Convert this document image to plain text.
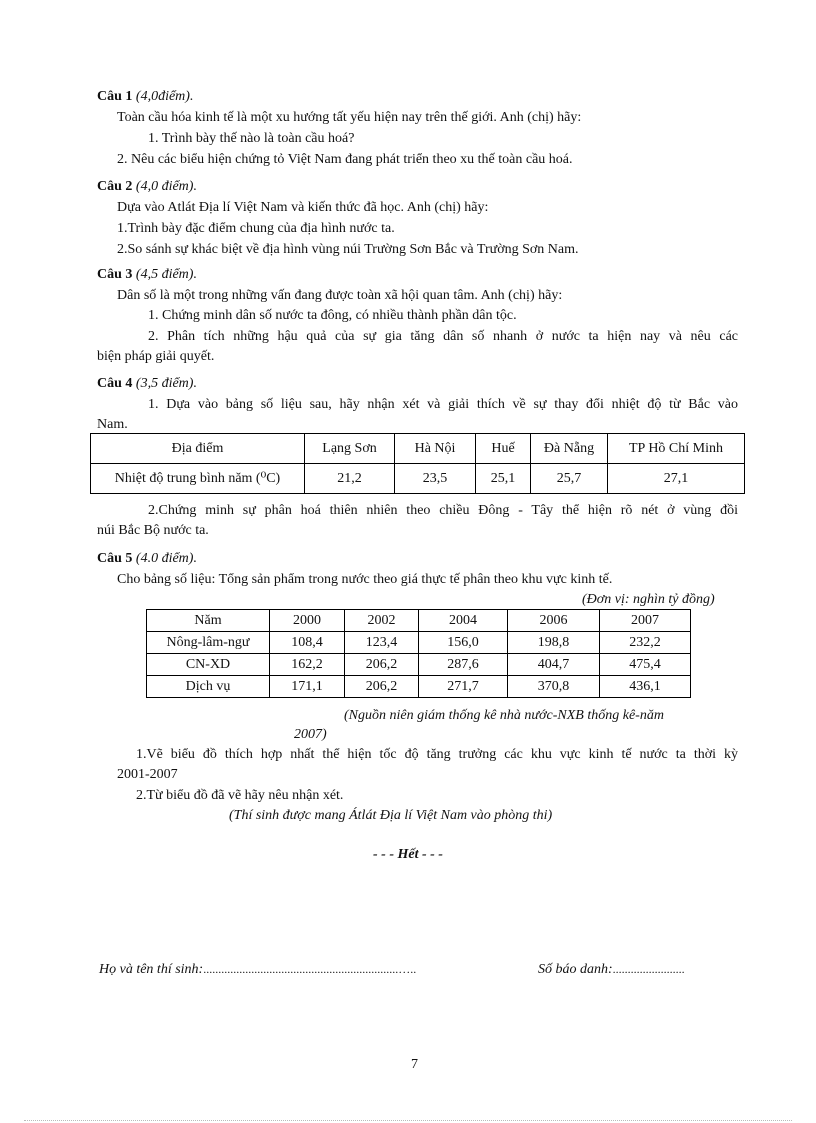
Câu 1 (4,0điểm).
Toàn cầu hóa kinh tế là một xu hướng tất yếu hiện nay trên thế giới. Anh (chị) hãy:
1. Trình bày thế nào là toàn cầu hoá?
2. Nêu các biểu hiện chứng tỏ Việt Nam đang phát triển theo xu thế toàn cầu hoá.
Câu 2 (4,0 điểm).
Dựa vào Atlát Địa lí Việt Nam và kiến thức đã học. Anh (chị) hãy:
1.Trình bày đặc điểm chung của địa hình nước ta.
2.So sánh sự khác biệt về địa hình vùng núi Trường Sơn Bắc và Trường Sơn Nam.
Câu 3 (4,5 điểm).
Dân số là một trong những vấn đang được toàn xã hội quan tâm. Anh (chị) hãy:
1. Chứng minh dân số nước ta đông, có nhiều thành phần dân tộc.
2. Phân tích những hậu quả của sự gia tăng dân số nhanh ở nước ta hiện nay và nêu các
biện pháp giải quyết.
Câu 4 (3,5 điểm).
1. Dựa vào bảng số liệu sau, hãy nhận xét và giải thích về sự thay đổi nhiệt độ từ Bắc vào
Nam.
Địa điểm	Lạng Sơn	Hà Nội	Huế	Đà Nẵng	TP Hồ Chí Minh
Nhiệt độ trung bình năm (⁰C)	21,2	23,5	25,1	25,7	27,1
2.Chứng minh sự phân hoá thiên nhiên theo chiều Đông - Tây thể hiện rõ nét ở vùng đồi
núi Bắc Bộ nước ta.
Câu 5 (4.0 điểm).
Cho bảng số liệu: Tổng sản phẩm trong nước theo giá thực tế phân theo khu vực kinh tế.
(Đơn vị: nghìn tỷ đồng)
Năm	2000	2002	2004	2006	2007
Nông-lâm-ngư	108,4	123,4	156,0	198,8	232,2
CN-XD	162,2	206,2	287,6	404,7	475,4
Dịch vụ	171,1	206,2	271,7	370,8	436,1
(Nguồn niên giám thống kê nhà nước-NXB thống kê-năm
2007)
1.Vẽ biểu đồ thích hợp nhất thể hiện tốc độ tăng trưởng các khu vực kinh tế nước ta thời kỳ
2001-2007
2.Từ biểu đồ đã vẽ hãy nêu nhận xét.
(Thí sinh được mang Átlát Địa lí Việt Nam vào phòng thi)
- - - Hết - - -
Họ và tên thí sinh:.................................................................…..	Số báo danh:........................
7
